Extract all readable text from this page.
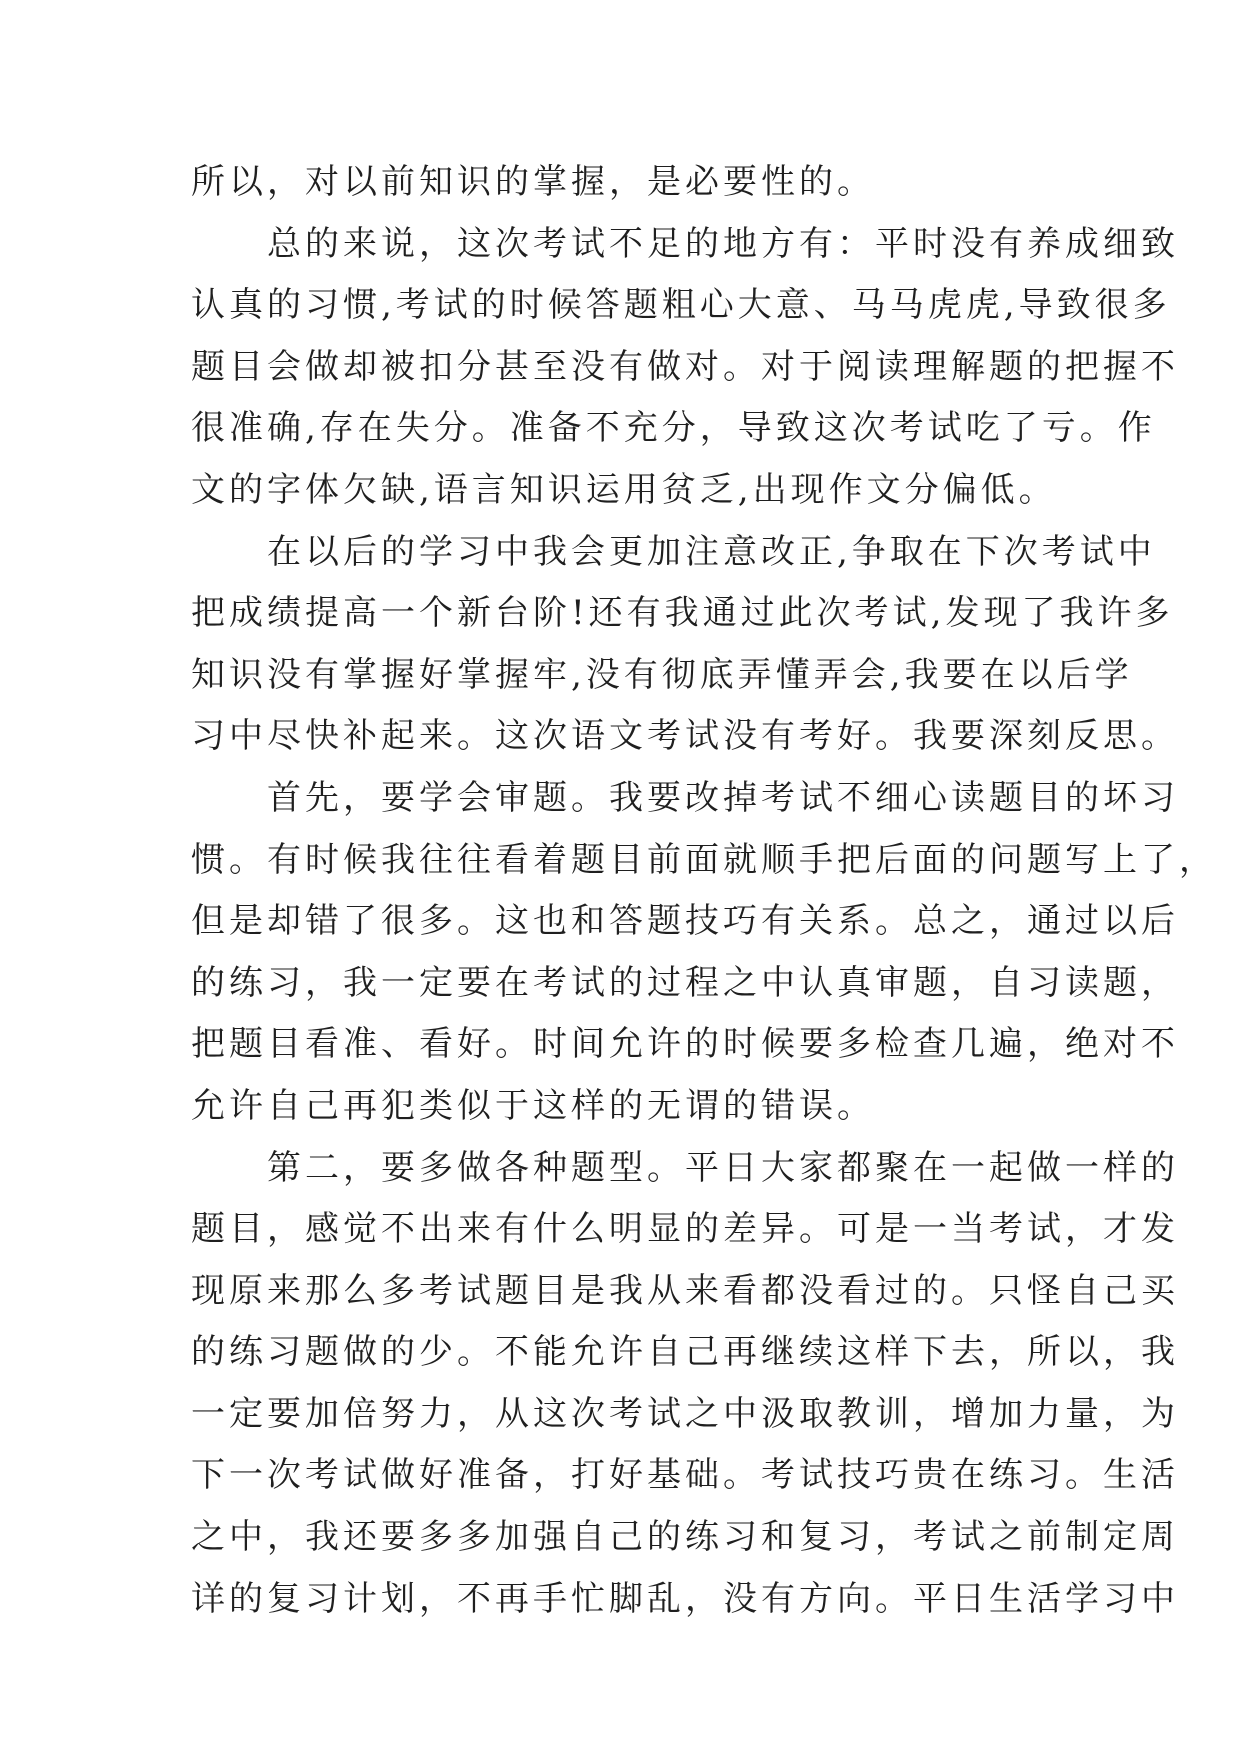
所以，对以前知识的掌握，是必要性的。
　　总的来说，这次考试不足的地方有：平时没有养成细致
认真的习惯,考试的时候答题粗心大意、马马虎虎,导致很多
题目会做却被扣分甚至没有做对。对于阅读理解题的把握不
很准确,存在失分。准备不充分，导致这次考试吃了亏。作
文的字体欠缺,语言知识运用贫乏,出现作文分偏低。
　　在以后的学习中我会更加注意改正,争取在下次考试中
把成绩提高一个新台阶!还有我通过此次考试,发现了我许多
知识没有掌握好掌握牢,没有彻底弄懂弄会,我要在以后学
习中尽快补起来。这次语文考试没有考好。我要深刻反思。
　　首先，要学会审题。我要改掉考试不细心读题目的坏习
惯。有时候我往往看着题目前面就顺手把后面的问题写上了，
但是却错了很多。这也和答题技巧有关系。总之，通过以后
的练习，我一定要在考试的过程之中认真审题，自习读题，
把题目看准、看好。时间允许的时候要多检查几遍，绝对不
允许自己再犯类似于这样的无谓的错误。
　　第二，要多做各种题型。平日大家都聚在一起做一样的
题目，感觉不出来有什么明显的差异。可是一当考试，才发
现原来那么多考试题目是我从来看都没看过的。只怪自己买
的练习题做的少。不能允许自己再继续这样下去，所以，我
一定要加倍努力，从这次考试之中汲取教训，增加力量，为
下一次考试做好准备，打好基础。考试技巧贵在练习。生活
之中，我还要多多加强自己的练习和复习，考试之前制定周
详的复习计划，不再手忙脚乱，没有方向。平日生活学习中
